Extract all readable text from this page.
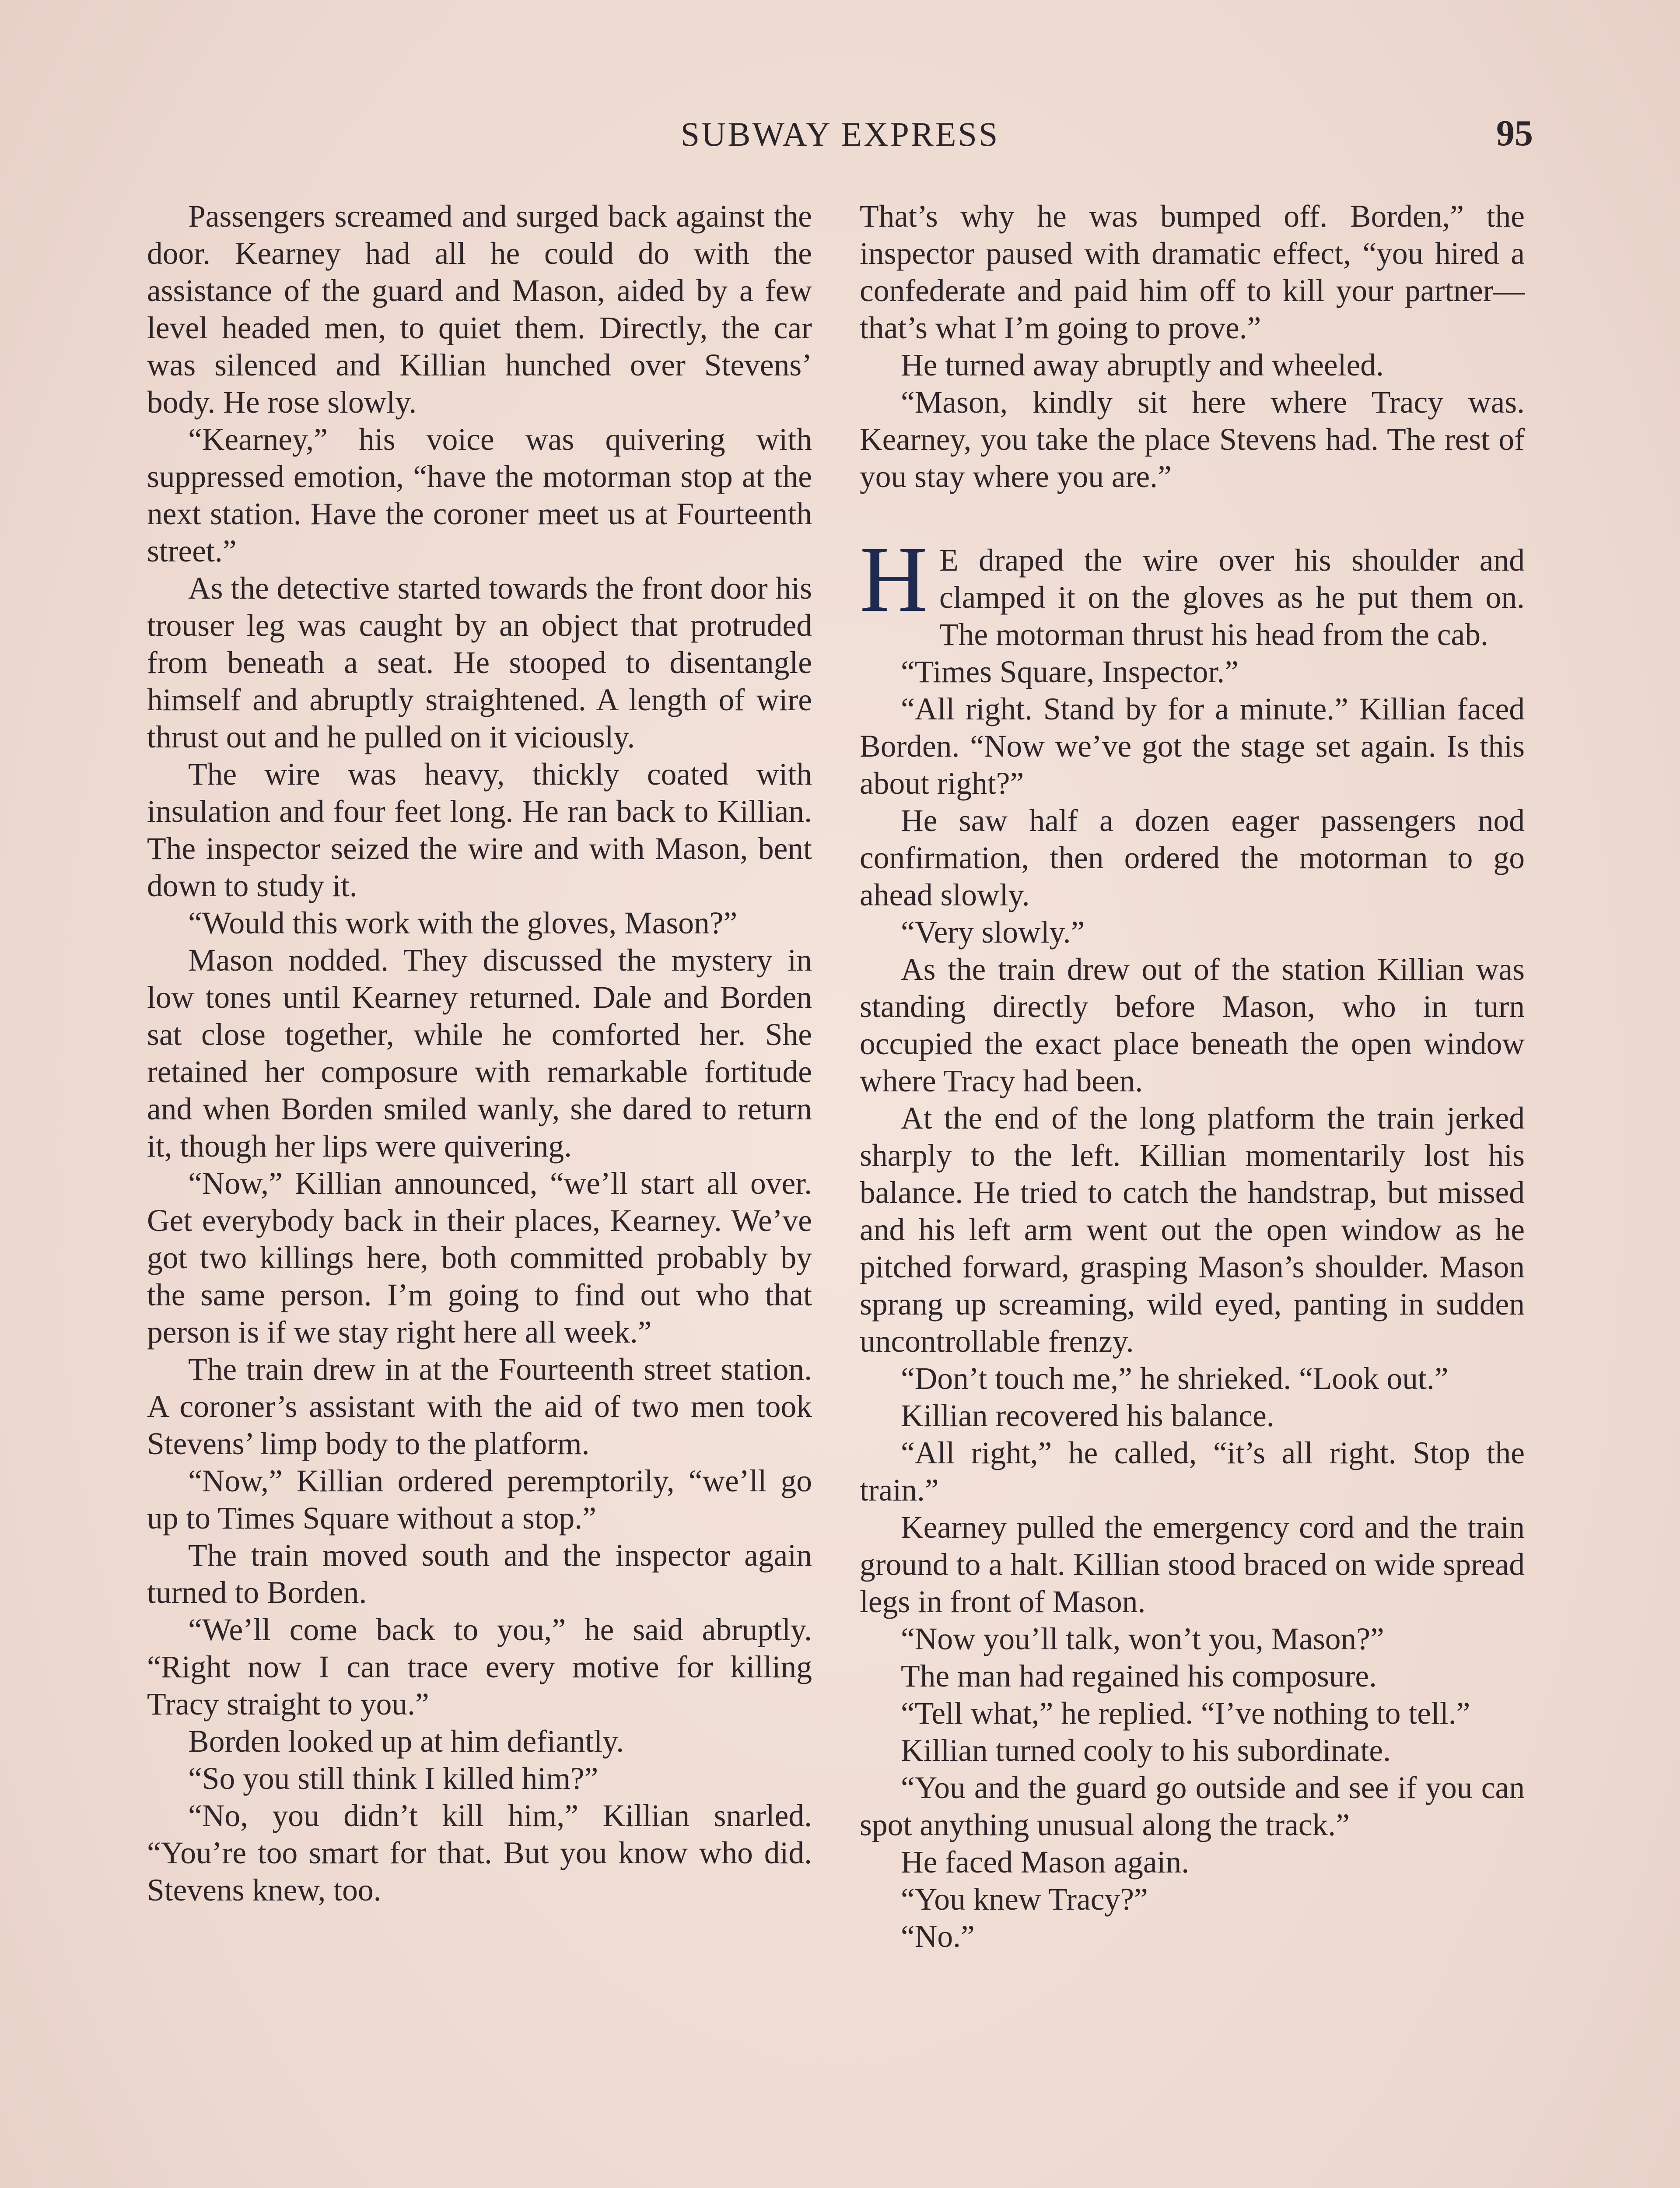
SUBWAY EXPRESS	95

Passengers screamed and surged back against the door. Kearney had all he could do with the assistance of the guard and Mason, aided by a few level headed men, to quiet them. Directly, the car was silenced and Killian hunched over Stevens’ body. He rose slowly.

“Kearney,” his voice was quivering with suppressed emotion, “have the motorman stop at the next station. Have the coroner meet us at Fourteenth street.”

As the detective started towards the front door his trouser leg was caught by an object that protruded from beneath a seat. He stooped to disentangle himself and abruptly straightened. A length of wire thrust out and he pulled on it viciously.

The wire was heavy, thickly coated with insulation and four feet long. He ran back to Killian. The inspector seized the wire and with Mason, bent down to study it.

“Would this work with the gloves, Mason?”

Mason nodded. They discussed the mystery in low tones until Kearney returned. Dale and Borden sat close together, while he comforted her. She retained her composure with remarkable fortitude and when Borden smiled wanly, she dared to return it, though her lips were quivering.

“Now,” Killian announced, “we’ll start all over. Get everybody back in their places, Kearney. We’ve got two killings here, both committed probably by the same person. I’m going to find out who that person is if we stay right here all week.”

The train drew in at the Fourteenth street station. A coroner’s assistant with the aid of two men took Stevens’ limp body to the platform.

“Now,” Killian ordered peremptorily, “we’ll go up to Times Square without a stop.”

The train moved south and the inspector again turned to Borden.

“We’ll come back to you,” he said abruptly. “Right now I can trace every motive for killing Tracy straight to you.”

Borden looked up at him defiantly.

“So you still think I killed him?”

“No, you didn’t kill him,” Killian snarled. “You’re too smart for that. But you know who did. Stevens knew, too.

That’s why he was bumped off. Borden,” the inspector paused with dramatic effect, “you hired a confederate and paid him off to kill your partner—that’s what I’m going to prove.”

He turned away abruptly and wheeled.

“Mason, kindly sit here where Tracy was. Kearney, you take the place Stevens had. The rest of you stay where you are.”

H E draped the wire over his shoulder and clamped it on the gloves as he put them on. The motorman thrust his head from the cab.

“Times Square, Inspector.”

“All right. Stand by for a minute.” Killian faced Borden. “Now we’ve got the stage set again. Is this about right?”

He saw half a dozen eager passengers nod confirmation, then ordered the motorman to go ahead slowly.

“Very slowly.”

As the train drew out of the station Killian was standing directly before Mason, who in turn occupied the exact place beneath the open window where Tracy had been.

At the end of the long platform the train jerked sharply to the left. Killian momentarily lost his balance. He tried to catch the handstrap, but missed and his left arm went out the open window as he pitched forward, grasping Mason’s shoulder. Mason sprang up screaming, wild eyed, panting in sudden uncontrollable frenzy.

“Don’t touch me,” he shrieked. “Look out.”

Killian recovered his balance.

“All right,” he called, “it’s all right. Stop the train.”

Kearney pulled the emergency cord and the train ground to a halt. Killian stood braced on wide spread legs in front of Mason.

“Now you’ll talk, won’t you, Mason?”

The man had regained his composure.

“Tell what,” he replied. “I’ve nothing to tell.”

Killian turned cooly to his subordinate.

“You and the guard go outside and see if you can spot anything unusual along the track.”

He faced Mason again.

“You knew Tracy?”

“No.”
